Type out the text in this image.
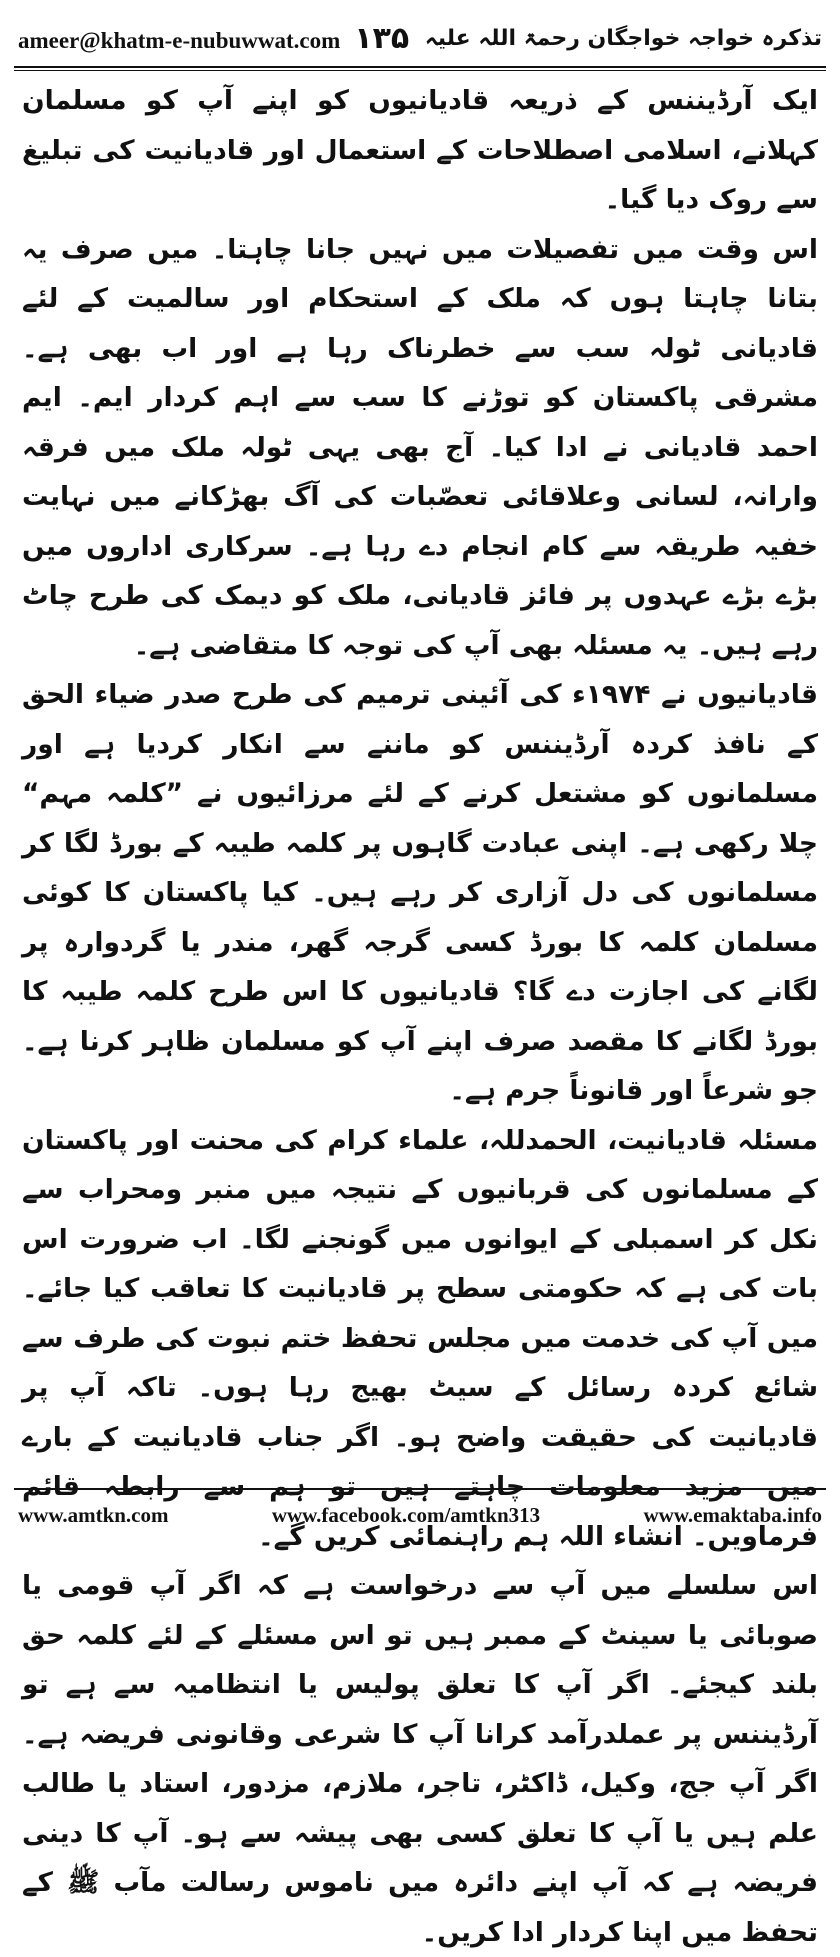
ameer@khatm-e-nubuwwat.com ۱۳۵ تذکرہ خواجہ خواجگان رحمۃ اللہ علیہ

ایک آرڈیننس کے ذریعہ قادیانیوں کو اپنے آپ کو مسلمان کہلانے، اسلامی اصطلاحات کے استعمال اور قادیانیت کی تبلیغ سے روک دیا گیا۔

اس وقت میں تفصیلات میں نہیں جانا چاہتا۔ میں صرف یہ بتانا چاہتا ہوں کہ ملک کے استحکام اور سالمیت کے لئے قادیانی ٹولہ سب سے خطرناک رہا ہے اور اب بھی ہے۔ مشرقی پاکستان کو توڑنے کا سب سے اہم کردار ایم۔ ایم احمد قادیانی نے ادا کیا۔ آج بھی یہی ٹولہ ملک میں فرقہ وارانہ، لسانی وعلاقائی تعصّبات کی آگ بھڑکانے میں نہایت خفیہ طریقہ سے کام انجام دے رہا ہے۔ سرکاری اداروں میں بڑے بڑے عہدوں پر فائز قادیانی، ملک کو دیمک کی طرح چاٹ رہے ہیں۔ یہ مسئلہ بھی آپ کی توجہ کا متقاضی ہے۔

قادیانیوں نے ۱۹۷۴ء کی آئینی ترمیم کی طرح صدر ضیاء الحق کے نافذ کردہ آرڈیننس کو ماننے سے انکار کردیا ہے اور مسلمانوں کو مشتعل کرنے کے لئے مرزائیوں نے ”کلمہ مہم“ چلا رکھی ہے۔ اپنی عبادت گاہوں پر کلمہ طیبہ کے بورڈ لگا کر مسلمانوں کی دل آزاری کر رہے ہیں۔ کیا پاکستان کا کوئی مسلمان کلمہ کا بورڈ کسی گرجہ گھر، مندر یا گردوارہ پر لگانے کی اجازت دے گا؟ قادیانیوں کا اس طرح کلمہ طیبہ کا بورڈ لگانے کا مقصد صرف اپنے آپ کو مسلمان ظاہر کرنا ہے۔ جو شرعاً اور قانوناً جرم ہے۔

مسئلہ قادیانیت، الحمدللہ، علماء کرام کی محنت اور پاکستان کے مسلمانوں کی قربانیوں کے نتیجہ میں منبر ومحراب سے نکل کر اسمبلی کے ایوانوں میں گونجنے لگا۔ اب ضرورت اس بات کی ہے کہ حکومتی سطح پر قادیانیت کا تعاقب کیا جائے۔ میں آپ کی خدمت میں مجلس تحفظ ختم نبوت کی طرف سے شائع کردہ رسائل کے سیٹ بھیج رہا ہوں۔ تاکہ آپ پر قادیانیت کی حقیقت واضح ہو۔ اگر جناب قادیانیت کے بارے میں مزید معلومات چاہتے ہیں تو ہم سے رابطہ قائم فرماویں۔ انشاء اللہ ہم راہنمائی کریں گے۔

اس سلسلے میں آپ سے درخواست ہے کہ اگر آپ قومی یا صوبائی یا سینٹ کے ممبر ہیں تو اس مسئلے کے لئے کلمہ حق بلند کیجئے۔ اگر آپ کا تعلق پولیس یا انتظامیہ سے ہے تو آرڈیننس پر عملدرآمد کرانا آپ کا شرعی وقانونی فریضہ ہے۔ اگر آپ جج، وکیل، ڈاکٹر، تاجر، ملازم، مزدور، استاد یا طالب علم ہیں یا آپ کا تعلق کسی بھی پیشہ سے ہو۔ آپ کا دینی فریضہ ہے کہ آپ اپنے دائرہ میں ناموس رسالت مآب ﷺ کے تحفظ میں اپنا کردار ادا کریں۔

www.amtkn.com	www.facebook.com/amtkn313	www.emaktaba.info
